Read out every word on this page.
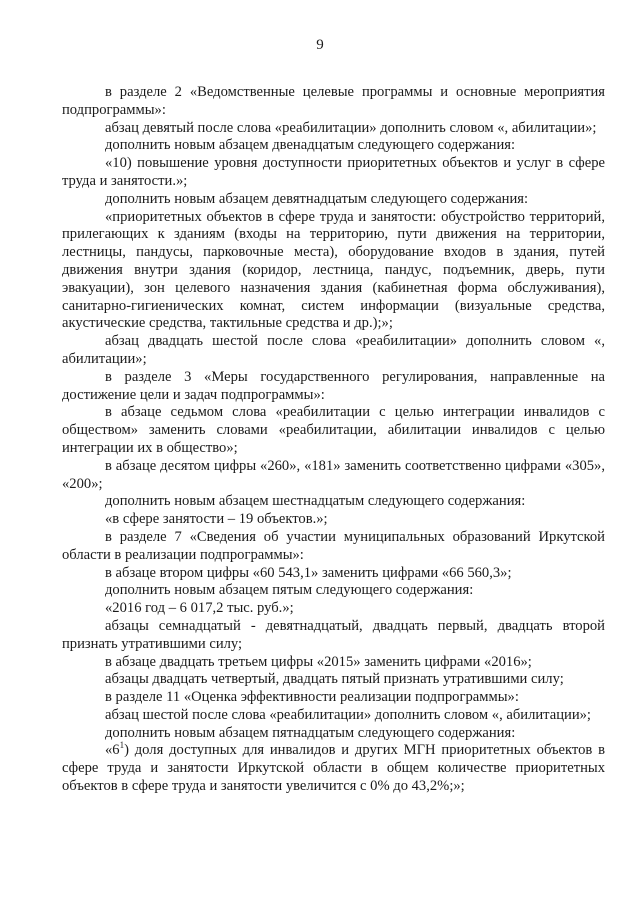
9

в разделе 2 «Ведомственные целевые программы и основные мероприятия подпрограммы»:

абзац девятый после слова «реабилитации» дополнить словом «, абилитации»;

дополнить новым абзацем двенадцатым следующего содержания:

«10) повышение уровня доступности приоритетных объектов и услуг в сфере труда и занятости.»;

дополнить новым абзацем девятнадцатым следующего содержания:

«приоритетных объектов в сфере труда и занятости: обустройство территорий, прилегающих к зданиям (входы на территорию, пути движения на территории, лестницы, пандусы, парковочные места), оборудование входов в здания, путей движения внутри здания (коридор, лестница, пандус, подъемник, дверь, пути эвакуации), зон целевого назначения здания (кабинетная форма обслуживания), санитарно-гигиенических комнат, систем информации (визуальные средства, акустические средства, тактильные средства и др.);»;

абзац двадцать шестой после слова «реабилитации» дополнить словом «, абилитации»;

в разделе 3 «Меры государственного регулирования, направленные на достижение цели и задач подпрограммы»:

в абзаце седьмом слова «реабилитации с целью интеграции инвалидов с обществом» заменить словами «реабилитации, абилитации инвалидов с целью интеграции их в общество»;

в абзаце десятом цифры «260», «181» заменить соответственно цифрами «305», «200»;

дополнить новым абзацем шестнадцатым следующего содержания:

«в сфере занятости – 19 объектов.»;

в разделе 7 «Сведения об участии муниципальных образований Иркутской области в реализации подпрограммы»:

в абзаце втором цифры «60 543,1» заменить цифрами «66 560,3»;

дополнить новым абзацем пятым следующего содержания:

«2016 год – 6 017,2 тыс. руб.»;

абзацы семнадцатый - девятнадцатый, двадцать первый, двадцать второй признать утратившими силу;

в абзаце двадцать третьем цифры «2015» заменить цифрами «2016»;

абзацы двадцать четвертый, двадцать пятый признать утратившими силу;

в разделе 11 «Оценка эффективности реализации подпрограммы»:

абзац шестой после слова «реабилитации» дополнить словом «, абилитации»;

дополнить новым абзацем пятнадцатым следующего содержания:

«$6^1$) доля доступных для инвалидов и других МГН приоритетных объектов в сфере труда и занятости Иркутской области в общем количестве приоритетных объектов в сфере труда и занятости увеличится с 0% до 43,2%;»;
